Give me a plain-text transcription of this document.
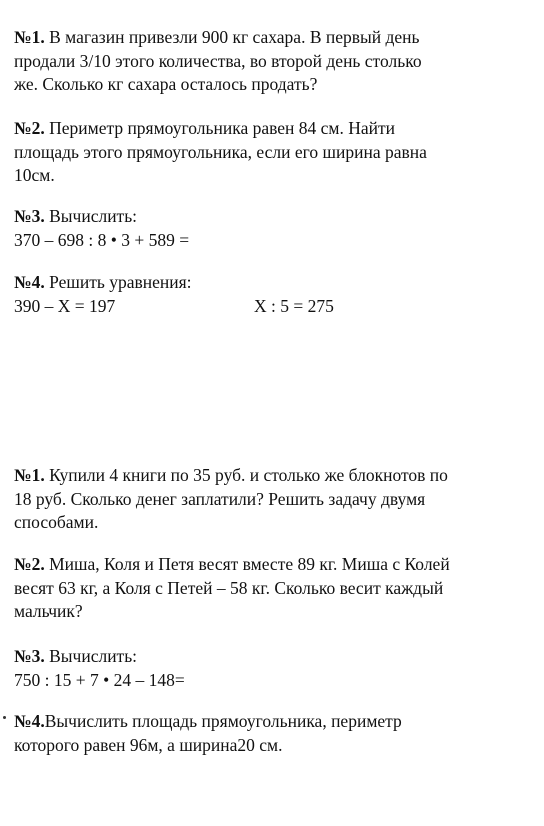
№1. В магазин привезли 900 кг сахара. В первый день
продали 3/10 этого количества, во второй день столько
же. Сколько кг сахара осталось продать?
№2. Периметр прямоугольника равен 84 см. Найти
площадь этого прямоугольника, если его ширина равна
10см.
№3. Вычислить:
370 – 698 : 8 • 3 + 589 =
№4. Решить уравнения:
390 – Х = 197	Х : 5 = 275
№1. Купили 4 книги по 35 руб. и столько же блокнотов по
18 руб. Сколько денег заплатили? Решить задачу двумя
способами.
№2. Миша, Коля и Петя весят вместе 89 кг. Миша с Колей
весят 63 кг, а Коля с Петей – 58 кг. Сколько весит каждый
мальчик?
№3. Вычислить:
750 : 15 + 7 • 24 – 148=
№4.Вычислить площадь прямоугольника, периметр
которого равен 96м, а ширина20 см.
